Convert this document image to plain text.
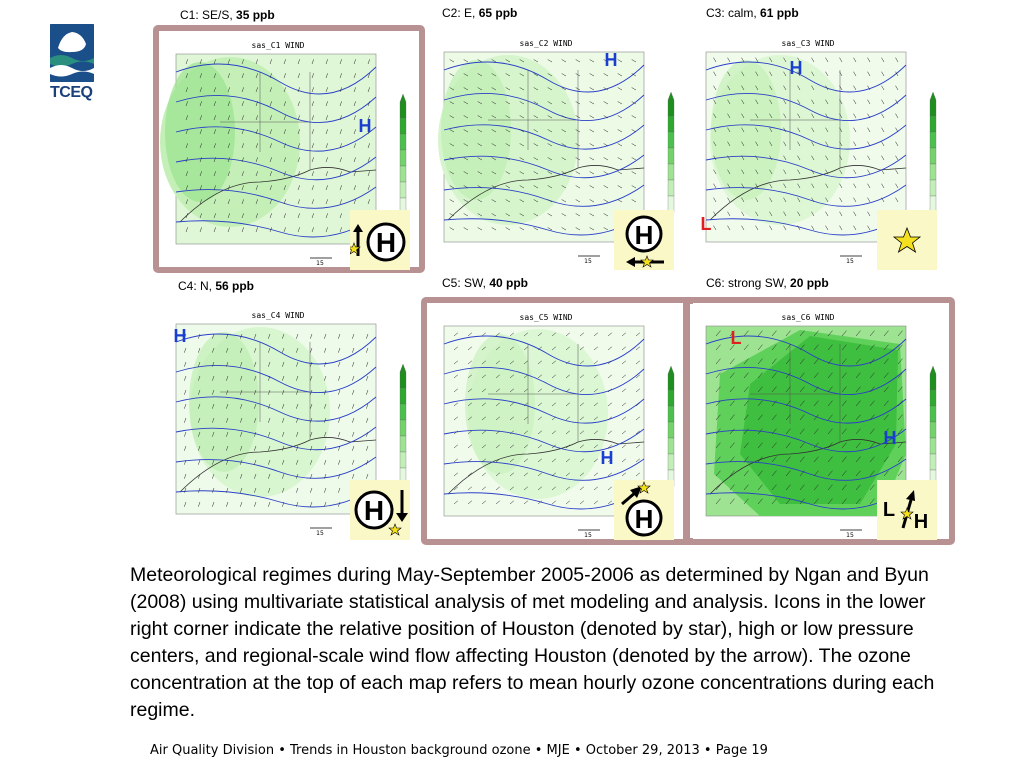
TCEQ
C1: SE/S, 35 ppb	C2: E, 65 ppb	C3: calm, 61 ppb
C4: N, 56 ppb	C5: SW, 40 ppb	C6: strong SW, 20 ppb
sas_C1 WIND
15
H
sas_C2 WIND
15
H
sas_C3 WIND
15
H
L
sas_C4 WIND
15
H
sas_C5 WIND
15
H
sas_C6 WIND
15
H
L
H	H
H	H	L
H
Meteorological regimes during May-September 2005-2006 as determined by Ngan and Byun (2008) using multivariate statistical analysis of met modeling and analysis. Icons in the lower right corner indicate the relative position of Houston (denoted by star), high or low pressure centers, and regional-scale wind flow affecting Houston (denoted by the arrow). The ozone concentration at the top of each map refers to mean hourly ozone concentrations during each regime.
Air Quality Division • Trends in Houston background ozone • MJE • October 29, 2013 • Page 19
